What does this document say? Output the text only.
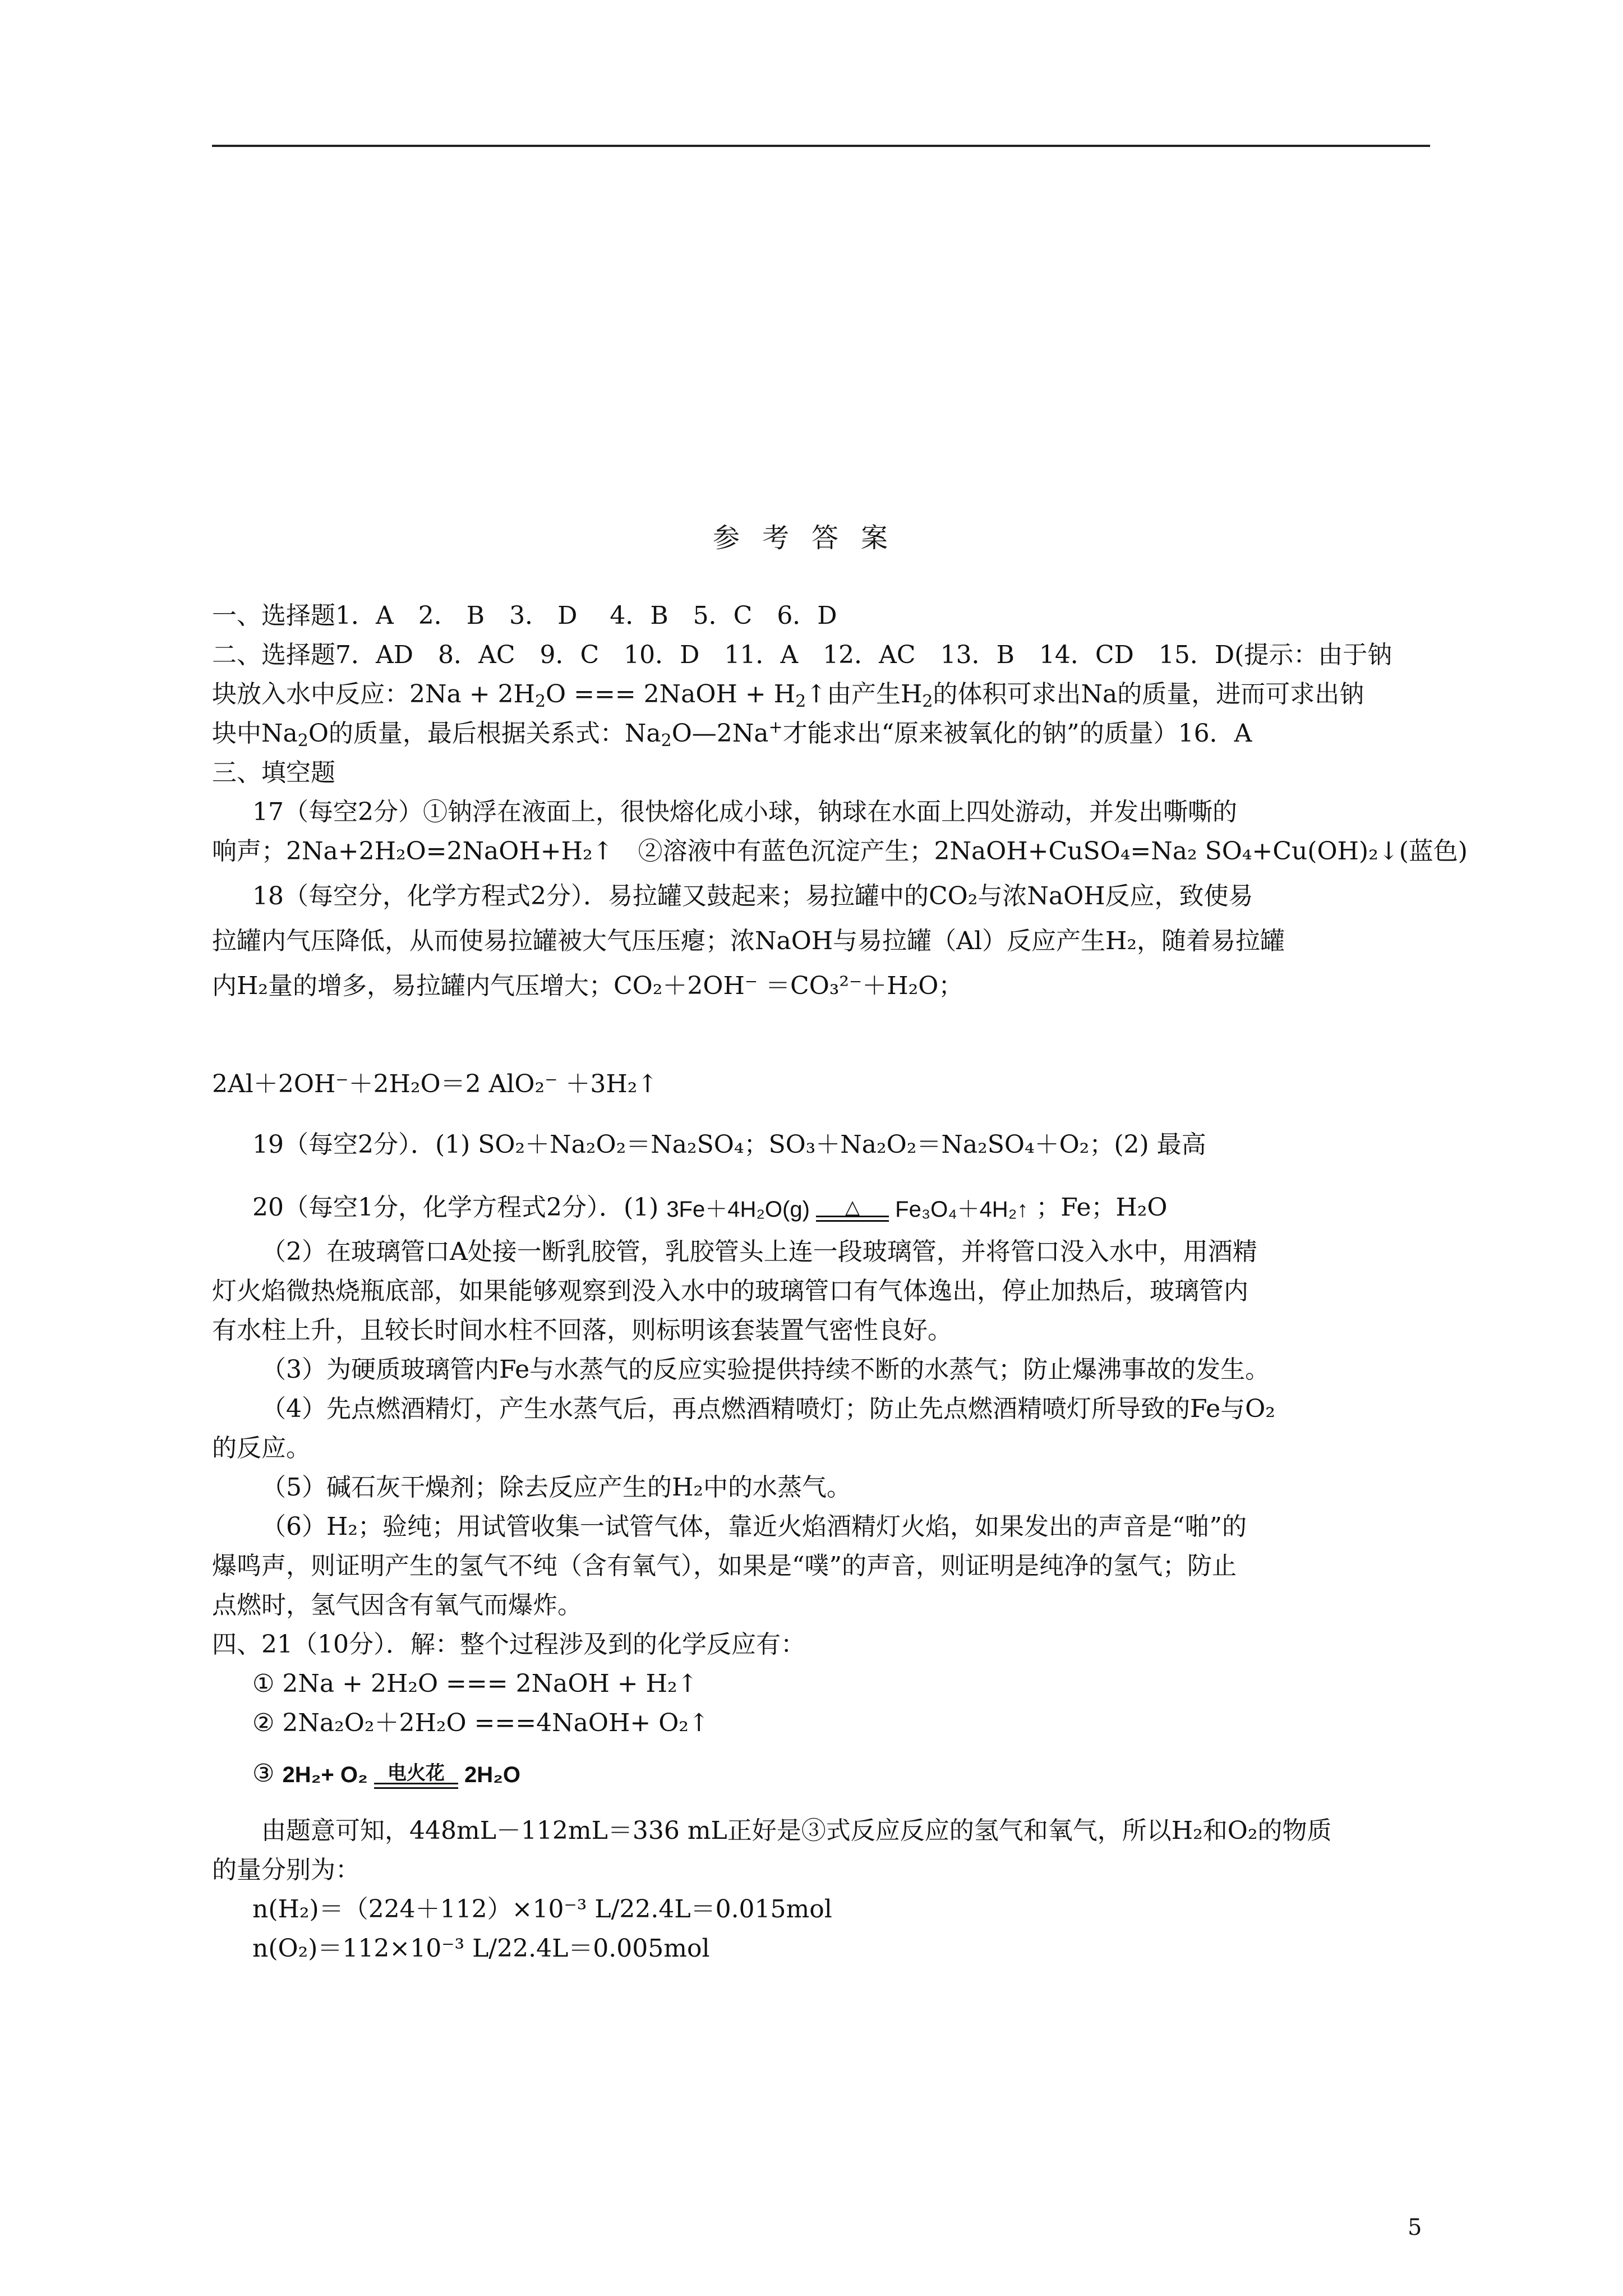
参考答案
一、选择题1．A　2． B　3． D　 4．B　5．C　6．D
二、选择题7．AD　8．AC　9．C　10．D　11．A　12．AC　13．B　14．CD　15．D(提示：由于钠
块放入水中反应：$2Na + 2H_2O$ === 2NaOH + $H_2↑$由产生$H_2$的体积可求出Na的质量，进而可求出钠
块中$Na_2O$的质量，最后根据关系式：$Na_2O—2Na^+$才能求出“原来被氧化的钠”的质量）16．A
三、填空题
17（每空2分）①钠浮在液面上，很快熔化成小球，钠球在水面上四处游动，并发出嘶嘶的
响声；2Na+2H₂O=2NaOH+H₂↑　②溶液中有蓝色沉淀产生；2NaOH+CuSO₄=Na₂ SO₄+Cu(OH)₂↓(蓝色)
18（每空分，化学方程式2分）．易拉罐又鼓起来；易拉罐中的CO₂与浓NaOH反应，致使易
拉罐内气压降低，从而使易拉罐被大气压压瘪；浓NaOH与易拉罐（Al）反应产生H₂，随着易拉罐
内H₂量的增多，易拉罐内气压增大；CO₂＋2OH⁻ ＝CO₃²⁻＋H₂O；
2Al＋2OH⁻＋2H₂O＝2 AlO₂⁻ ＋3H₂↑
19（每空2分）．(1) SO₂＋Na₂O₂＝Na₂SO₄；SO₃＋Na₂O₂＝Na₂SO₄＋O₂；(2) 最高
20（每空1分，化学方程式2分）．(1) 3Fe＋4H₂O(g)	△	Fe₃O₄＋4H₂↑ ；Fe；H₂O
（2）在玻璃管口A处接一断乳胶管，乳胶管头上连一段玻璃管，并将管口没入水中，用酒精
灯火焰微热烧瓶底部，如果能够观察到没入水中的玻璃管口有气体逸出，停止加热后，玻璃管内
有水柱上升，且较长时间水柱不回落，则标明该套装置气密性良好。
（3）为硬质玻璃管内Fe与水蒸气的反应实验提供持续不断的水蒸气；防止爆沸事故的发生。
（4）先点燃酒精灯，产生水蒸气后，再点燃酒精喷灯；防止先点燃酒精喷灯所导致的Fe与O₂
的反应。
（5）碱石灰干燥剂；除去反应产生的H₂中的水蒸气。
（6）H₂；验纯；用试管收集一试管气体，靠近火焰酒精灯火焰，如果发出的声音是“啪”的
爆鸣声，则证明产生的氢气不纯（含有氧气），如果是“噗”的声音，则证明是纯净的氢气；防止
点燃时，氢气因含有氧气而爆炸。
四、21（10分）．解：整个过程涉及到的化学反应有：
① 2Na + 2H₂O === 2NaOH + H₂↑
② 2Na₂O₂＋2H₂O ===4NaOH+ O₂↑
③ 2H₂+ O₂	电火花 2H₂O
由题意可知，448mL－112mL＝336 mL正好是③式反应反应的氢气和氧气，所以H₂和O₂的物质
的量分别为：
n(H₂)＝（224＋112）×10⁻³ L/22.4L＝0.015mol
n(O₂)＝112×10⁻³ L/22.4L＝0.005mol
5
